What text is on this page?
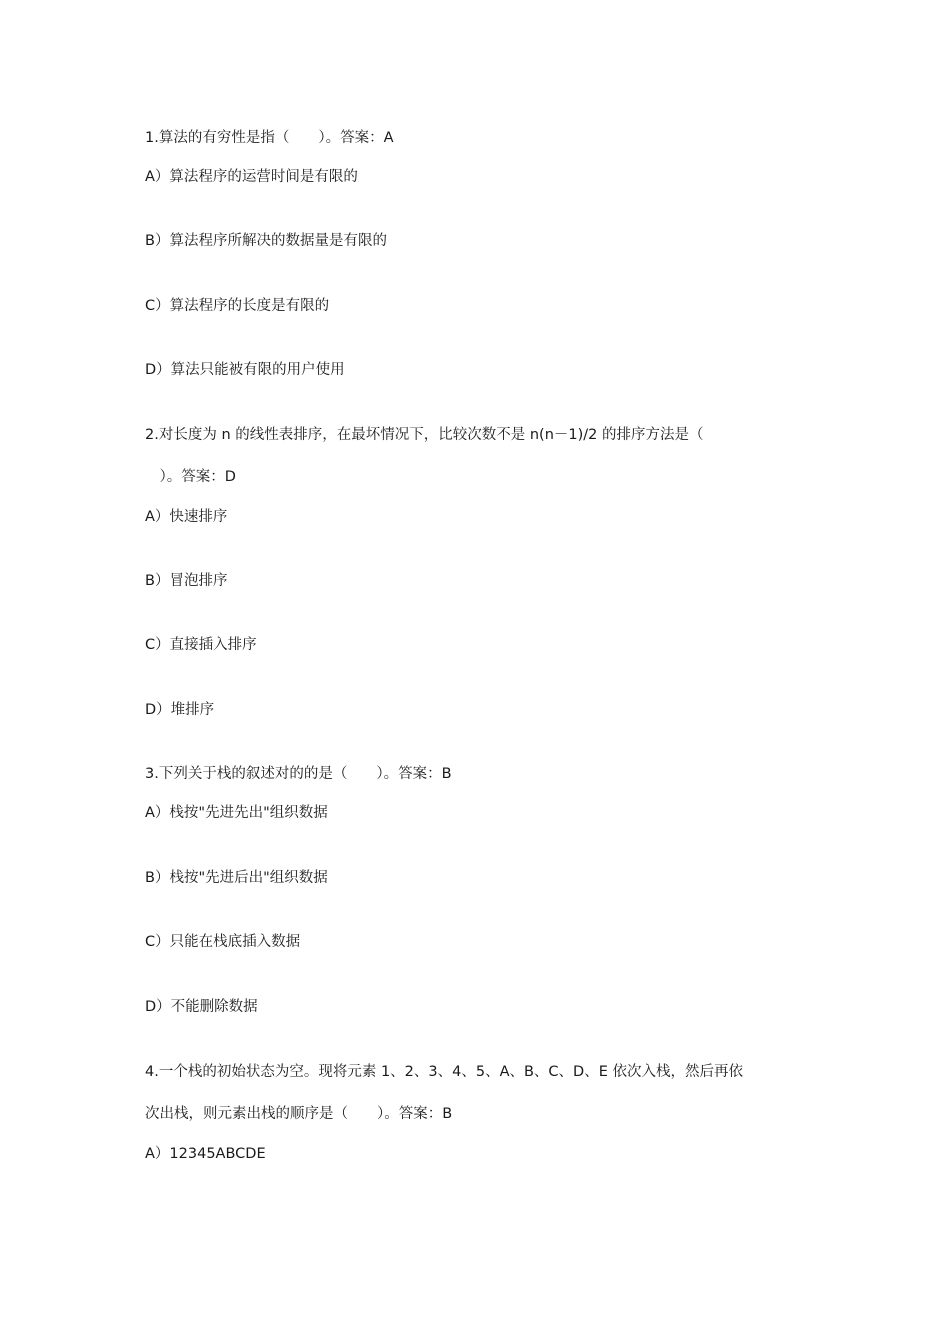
1.算法的有穷性是指（　　）。答案：A
A）算法程序的运营时间是有限的
B）算法程序所解决的数据量是有限的
C）算法程序的长度是有限的
D）算法只能被有限的用户使用
2.对长度为 n 的线性表排序，在最坏情况下，比较次数不是 n(n－1)/2 的排序方法是（
　）。答案：D
A）快速排序
B）冒泡排序
C）直接插入排序
D）堆排序
3.下列关于栈的叙述对的的是（　　）。答案：B
A）栈按"先进先出"组织数据
B）栈按"先进后出"组织数据
C）只能在栈底插入数据
D）不能删除数据
4.一个栈的初始状态为空。现将元素 1、2、3、4、5、A、B、C、D、E 依次入栈，然后再依
次出栈，则元素出栈的顺序是（　　）。答案：B
A）12345ABCDE
